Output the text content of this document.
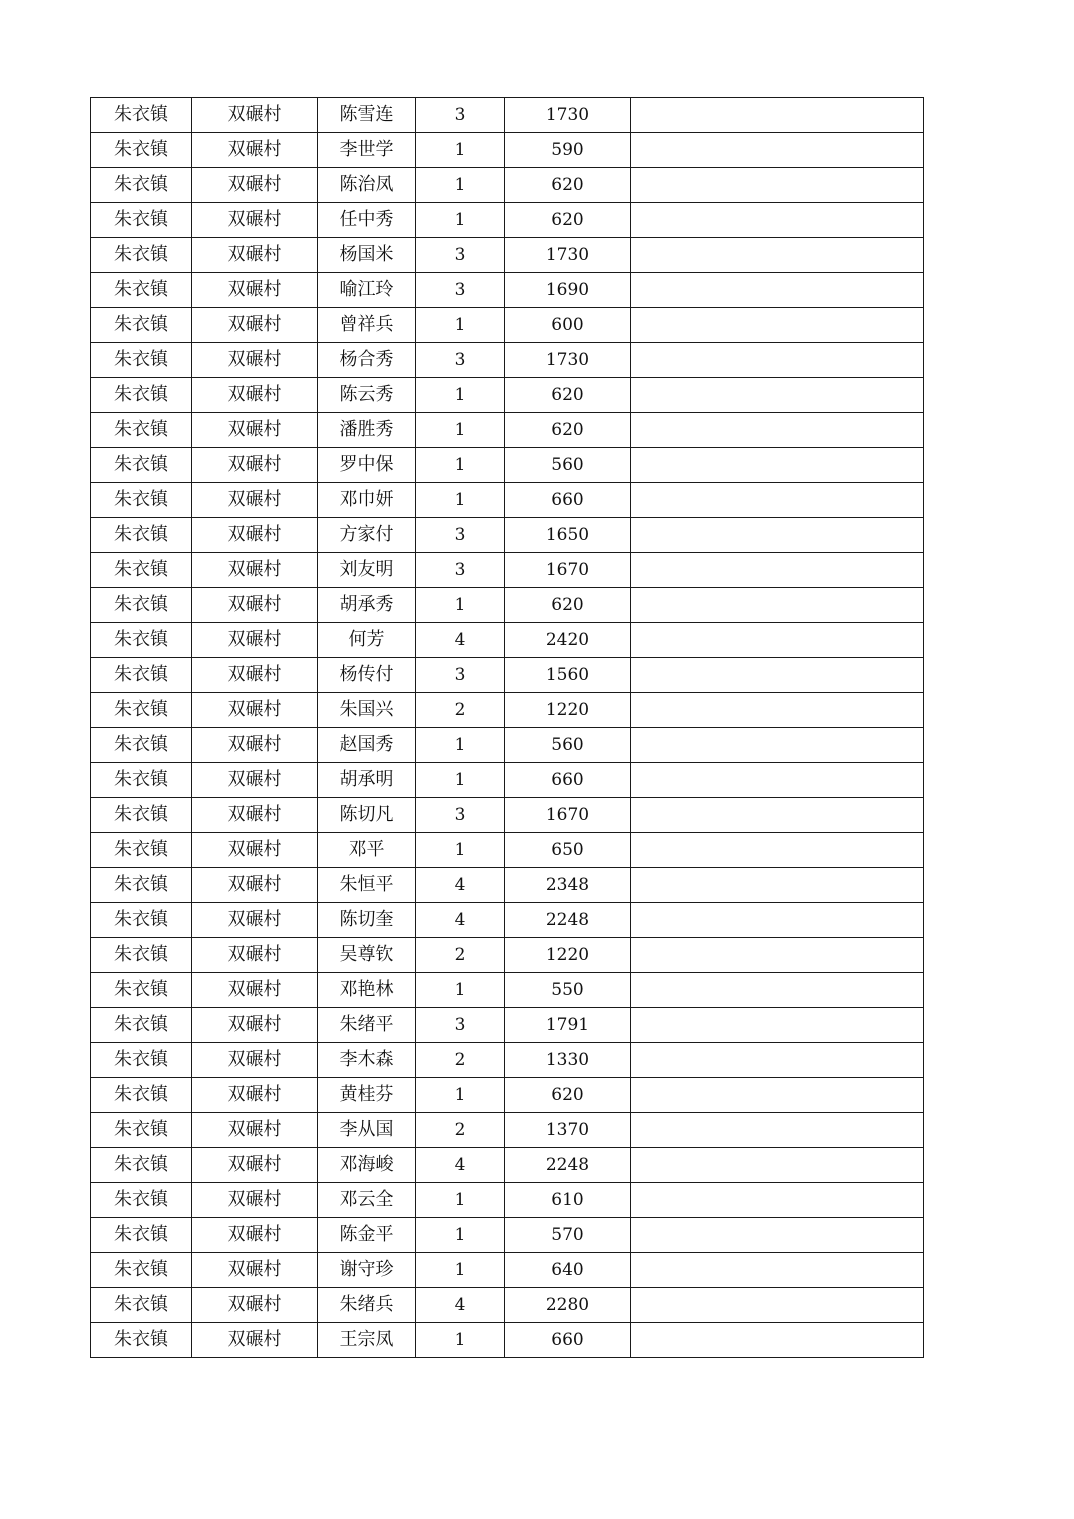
朱衣镇	双碾村	陈雪连	3	1730	
朱衣镇	双碾村	李世学	1	590	
朱衣镇	双碾村	陈治凤	1	620	
朱衣镇	双碾村	任中秀	1	620	
朱衣镇	双碾村	杨国米	3	1730	
朱衣镇	双碾村	喻江玲	3	1690	
朱衣镇	双碾村	曾祥兵	1	600	
朱衣镇	双碾村	杨合秀	3	1730	
朱衣镇	双碾村	陈云秀	1	620	
朱衣镇	双碾村	潘胜秀	1	620	
朱衣镇	双碾村	罗中保	1	560	
朱衣镇	双碾村	邓巾妍	1	660	
朱衣镇	双碾村	方家付	3	1650	
朱衣镇	双碾村	刘友明	3	1670	
朱衣镇	双碾村	胡承秀	1	620	
朱衣镇	双碾村	何芳	4	2420	
朱衣镇	双碾村	杨传付	3	1560	
朱衣镇	双碾村	朱国兴	2	1220	
朱衣镇	双碾村	赵国秀	1	560	
朱衣镇	双碾村	胡承明	1	660	
朱衣镇	双碾村	陈切凡	3	1670	
朱衣镇	双碾村	邓平	1	650	
朱衣镇	双碾村	朱恒平	4	2348	
朱衣镇	双碾村	陈切奎	4	2248	
朱衣镇	双碾村	吴尊钦	2	1220	
朱衣镇	双碾村	邓艳林	1	550	
朱衣镇	双碾村	朱绪平	3	1791	
朱衣镇	双碾村	李木森	2	1330	
朱衣镇	双碾村	黄桂芬	1	620	
朱衣镇	双碾村	李从国	2	1370	
朱衣镇	双碾村	邓海峻	4	2248	
朱衣镇	双碾村	邓云全	1	610	
朱衣镇	双碾村	陈金平	1	570	
朱衣镇	双碾村	谢守珍	1	640	
朱衣镇	双碾村	朱绪兵	4	2280	
朱衣镇	双碾村	王宗凤	1	660	
